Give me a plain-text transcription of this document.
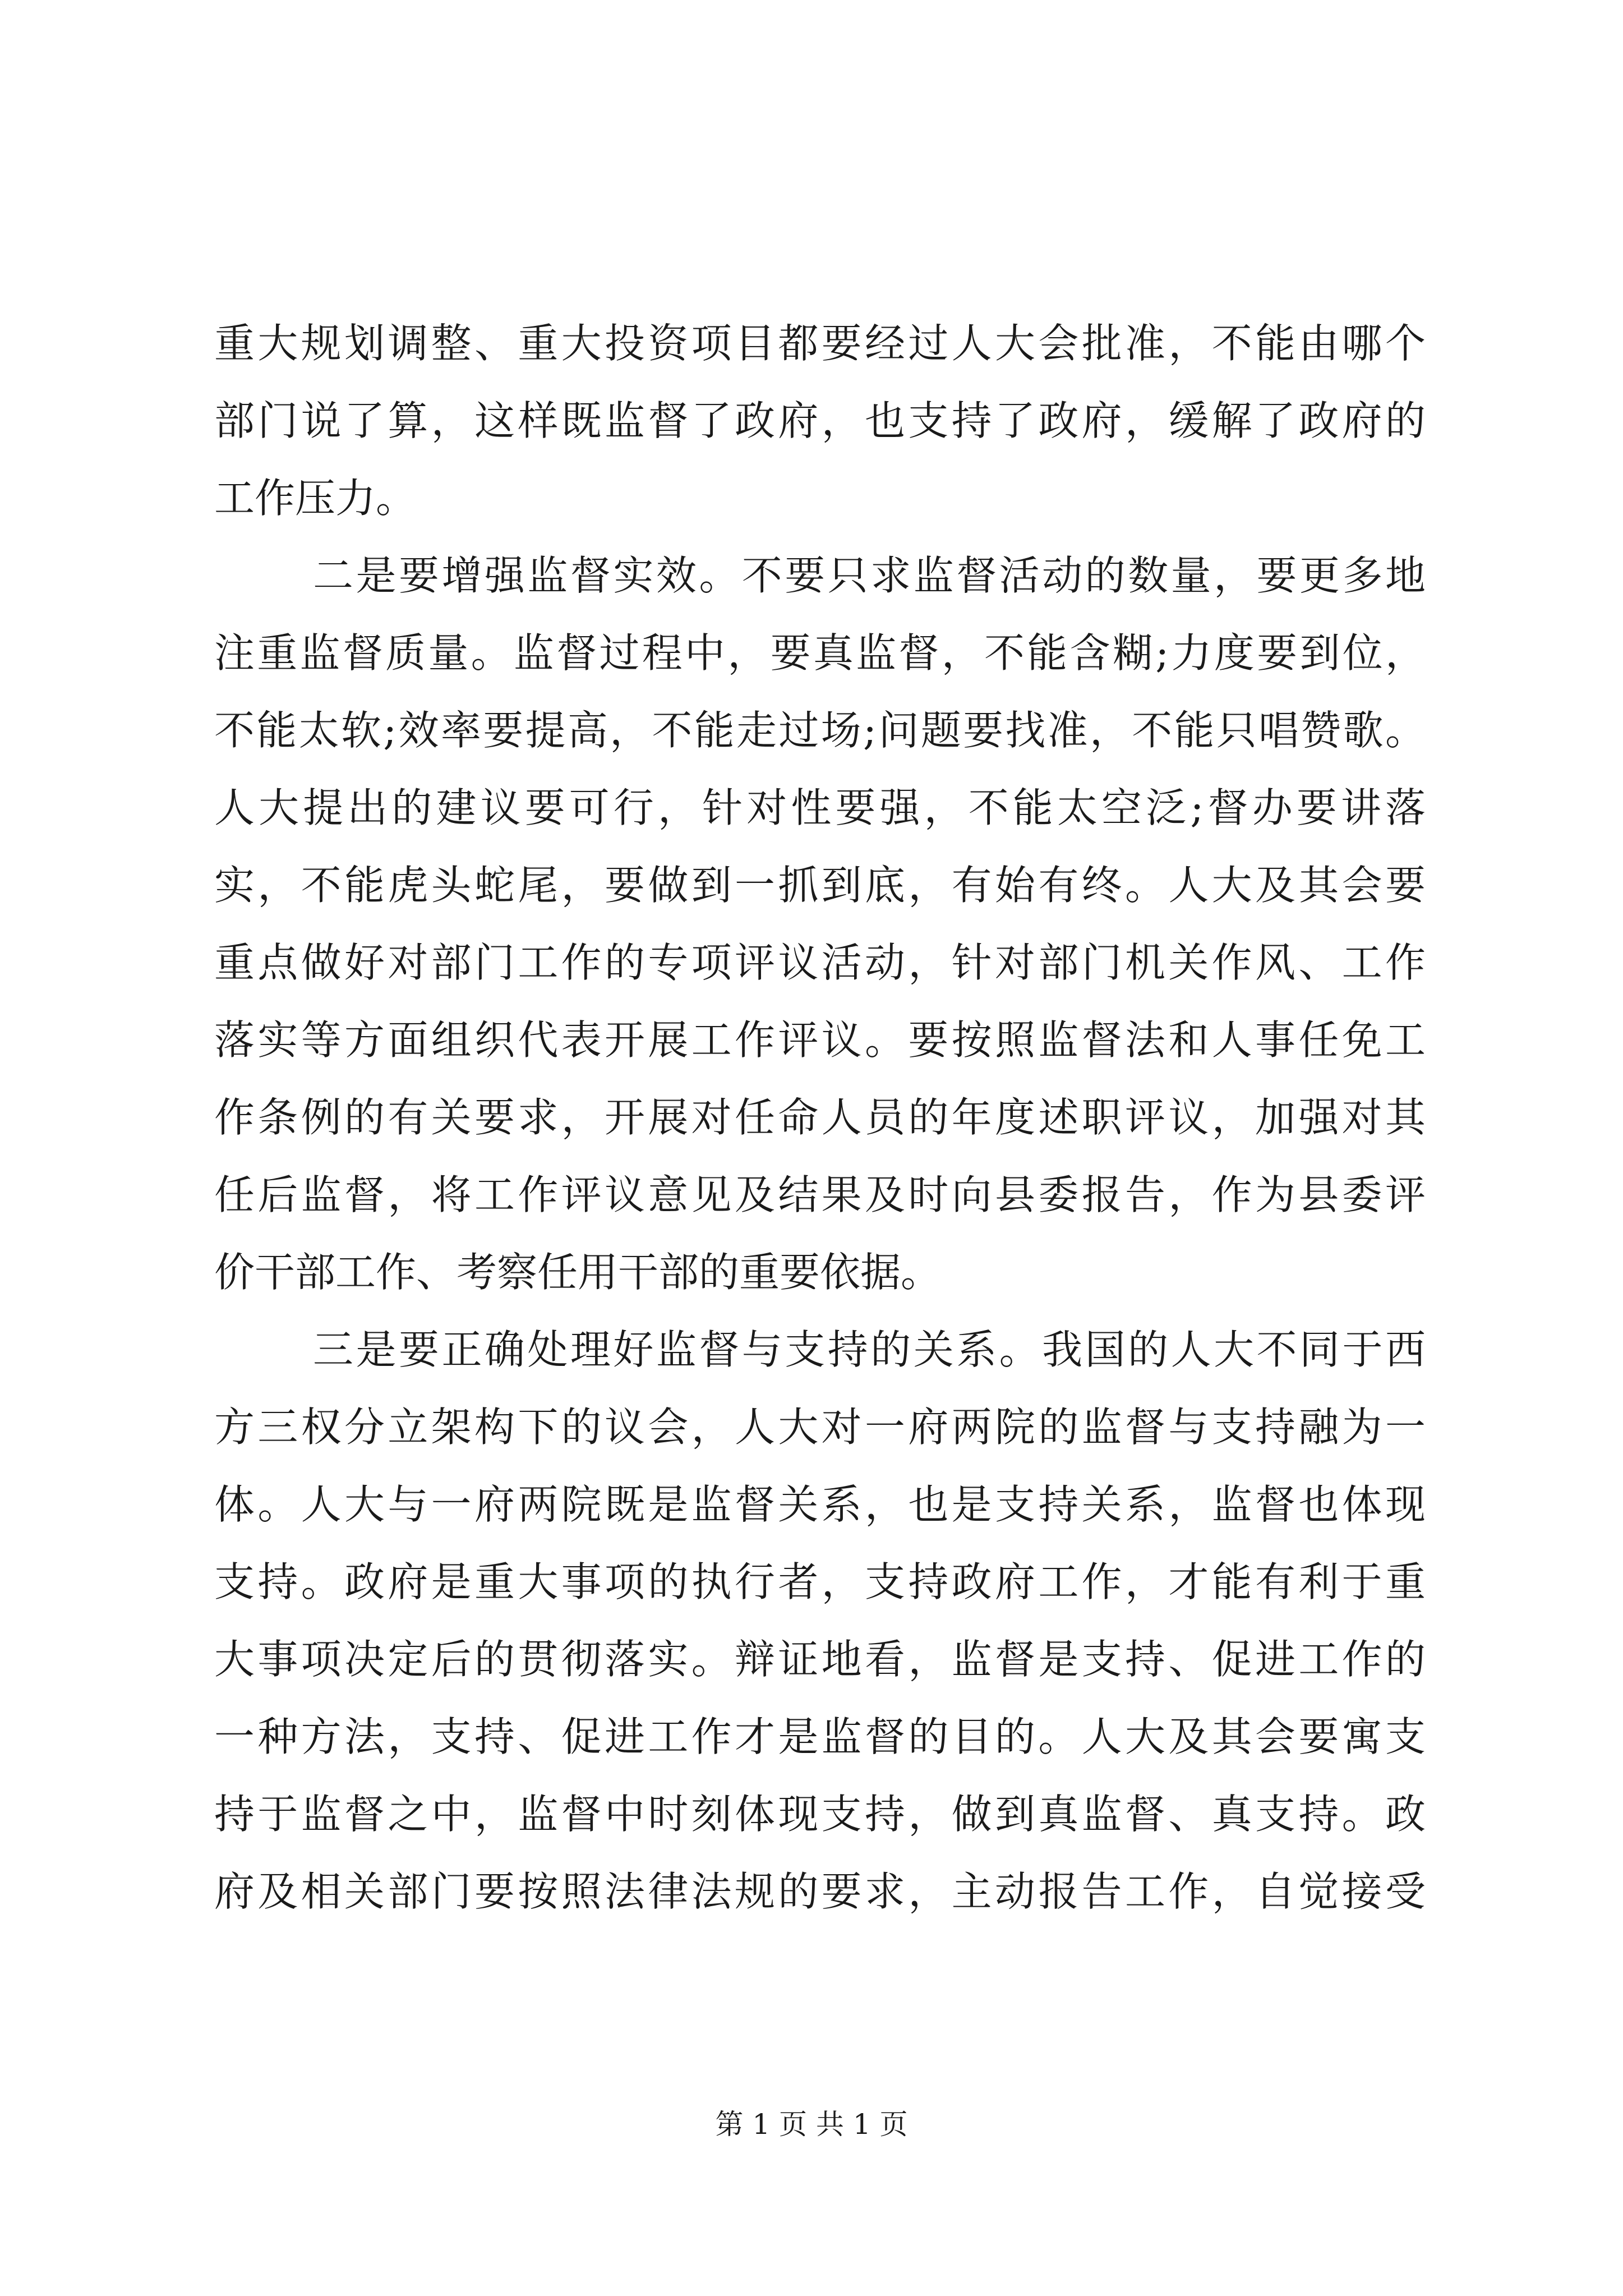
重大规划调整、重大投资项目都要经过人大会批准，不能由哪个
部门说了算，这样既监督了政府，也支持了政府，缓解了政府的
工作压力。
二是要增强监督实效。不要只求监督活动的数量，要更多地
注重监督质量。监督过程中，要真监督，不能含糊;力度要到位，
不能太软;效率要提高，不能走过场;问题要找准，不能只唱赞歌。
人大提出的建议要可行，针对性要强，不能太空泛;督办要讲落
实，不能虎头蛇尾，要做到一抓到底，有始有终。人大及其会要
重点做好对部门工作的专项评议活动，针对部门机关作风、工作
落实等方面组织代表开展工作评议。要按照监督法和人事任免工
作条例的有关要求，开展对任命人员的年度述职评议，加强对其
任后监督，将工作评议意见及结果及时向县委报告，作为县委评
价干部工作、考察任用干部的重要依据。
三是要正确处理好监督与支持的关系。我国的人大不同于西
方三权分立架构下的议会，人大对一府两院的监督与支持融为一
体。人大与一府两院既是监督关系，也是支持关系，监督也体现
支持。政府是重大事项的执行者，支持政府工作，才能有利于重
大事项决定后的贯彻落实。辩证地看，监督是支持、促进工作的
一种方法，支持、促进工作才是监督的目的。人大及其会要寓支
持于监督之中，监督中时刻体现支持，做到真监督、真支持。政
府及相关部门要按照法律法规的要求，主动报告工作，自觉接受
第 1 页 共 1 页
